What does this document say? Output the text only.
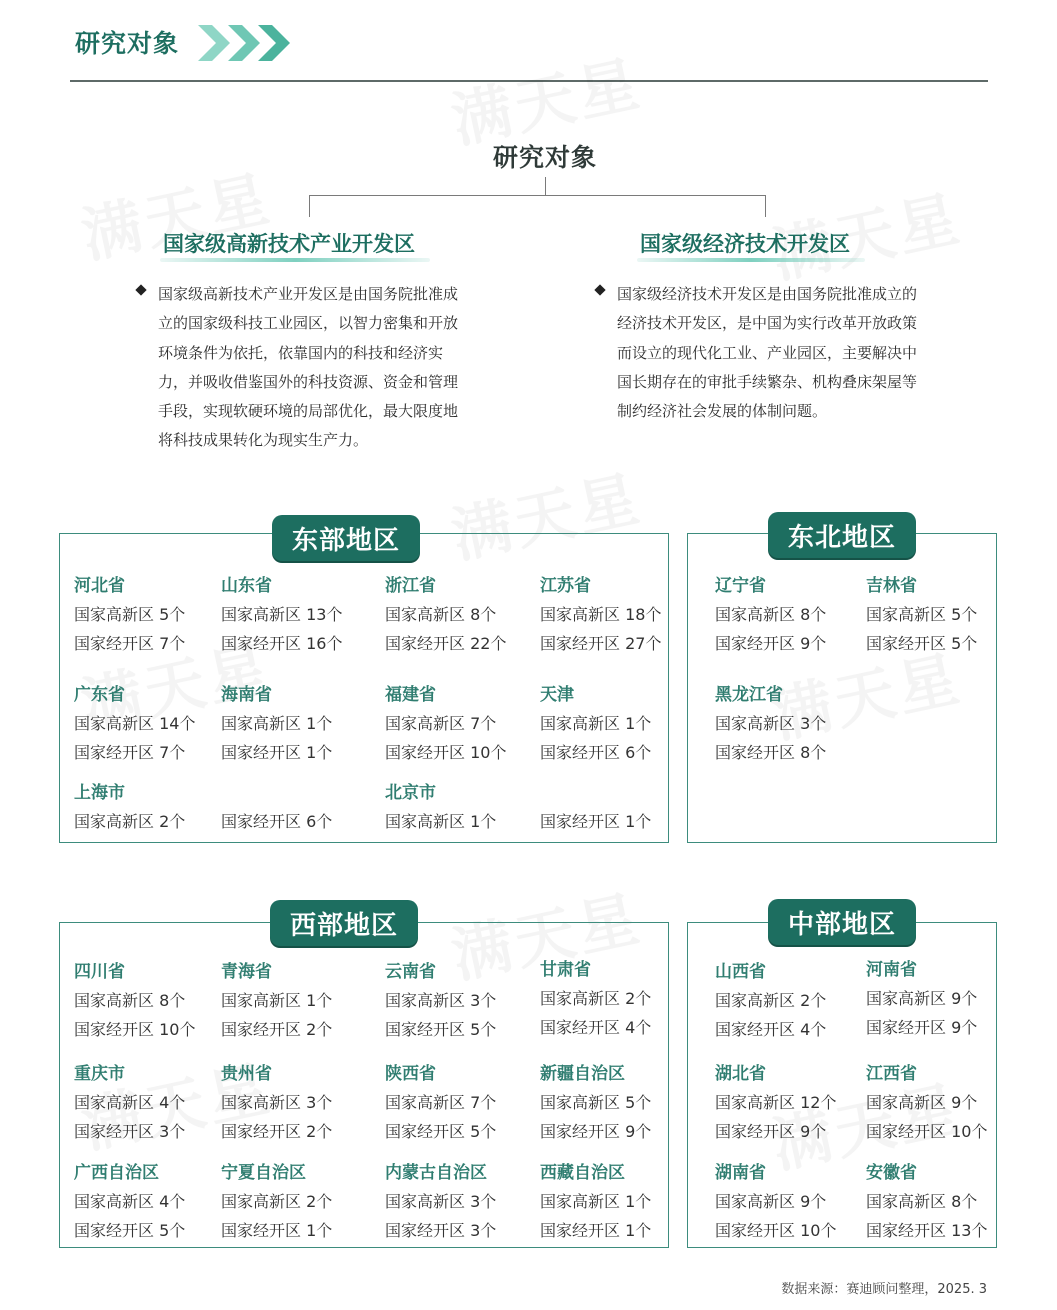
研究对象
研究对象
国家级高新技术产业开发区	国家级经济技术开发区
国家级高新技术产业开发区是由国务院批准成立的国家级科技工业园区，以智力密集和开放环境条件为依托，依靠国内的科技和经济实力，并吸收借鉴国外的科技资源、资金和管理手段，实现软硬环境的局部优化，最大限度地将科技成果转化为现实生产力。
国家级经济技术开发区是由国务院批准成立的经济技术开发区，是中国为实行改革开放政策而设立的现代化工业、产业园区，主要解决中国长期存在的审批手续繁杂、机构叠床架屋等制约经济社会发展的体制问题。
东部地区
河北省
国家高新区 5个
国家经开区 7个
山东省
国家高新区 13个
国家经开区 16个
浙江省
国家高新区 8个
国家经开区 22个
江苏省
国家高新区 18个
国家经开区 27个
广东省
国家高新区 14个
国家经开区 7个
海南省
国家高新区 1个
国家经开区 1个
福建省
国家高新区 7个
国家经开区 10个
天津
国家高新区 1个
国家经开区 6个
上海市
国家高新区 2个 国家经开区 6个
北京市
国家高新区 1个	国家经开区 1个
东北地区
辽宁省
国家高新区 8个
国家经开区 9个
吉林省
国家高新区 5个
国家经开区 5个
黑龙江省
国家高新区 3个
国家经开区 8个
西部地区
四川省
国家高新区 8个
国家经开区 10个
青海省
国家高新区 1个
国家经开区 2个
云南省
国家高新区 3个
国家经开区 5个
甘肃省
国家高新区 2个
国家经开区 4个
重庆市
国家高新区 4个
国家经开区 3个
贵州省
国家高新区 3个
国家经开区 2个
陕西省
国家高新区 7个
国家经开区 5个
新疆自治区
国家高新区 5个
国家经开区 9个
广西自治区
国家高新区 4个
国家经开区 5个
宁夏自治区
国家高新区 2个
国家经开区 1个
内蒙古自治区
国家高新区 3个
国家经开区 3个
西藏自治区
国家高新区 1个
国家经开区 1个
中部地区
山西省
国家高新区 2个
国家经开区 4个
河南省
国家高新区 9个
国家经开区 9个
湖北省
国家高新区 12个
国家经开区 9个
江西省
国家高新区 9个
国家经开区 10个
湖南省
国家高新区 9个
国家经开区 10个
安徽省
国家高新区 8个
国家经开区 13个
数据来源：赛迪顾问整理，2025. 3
